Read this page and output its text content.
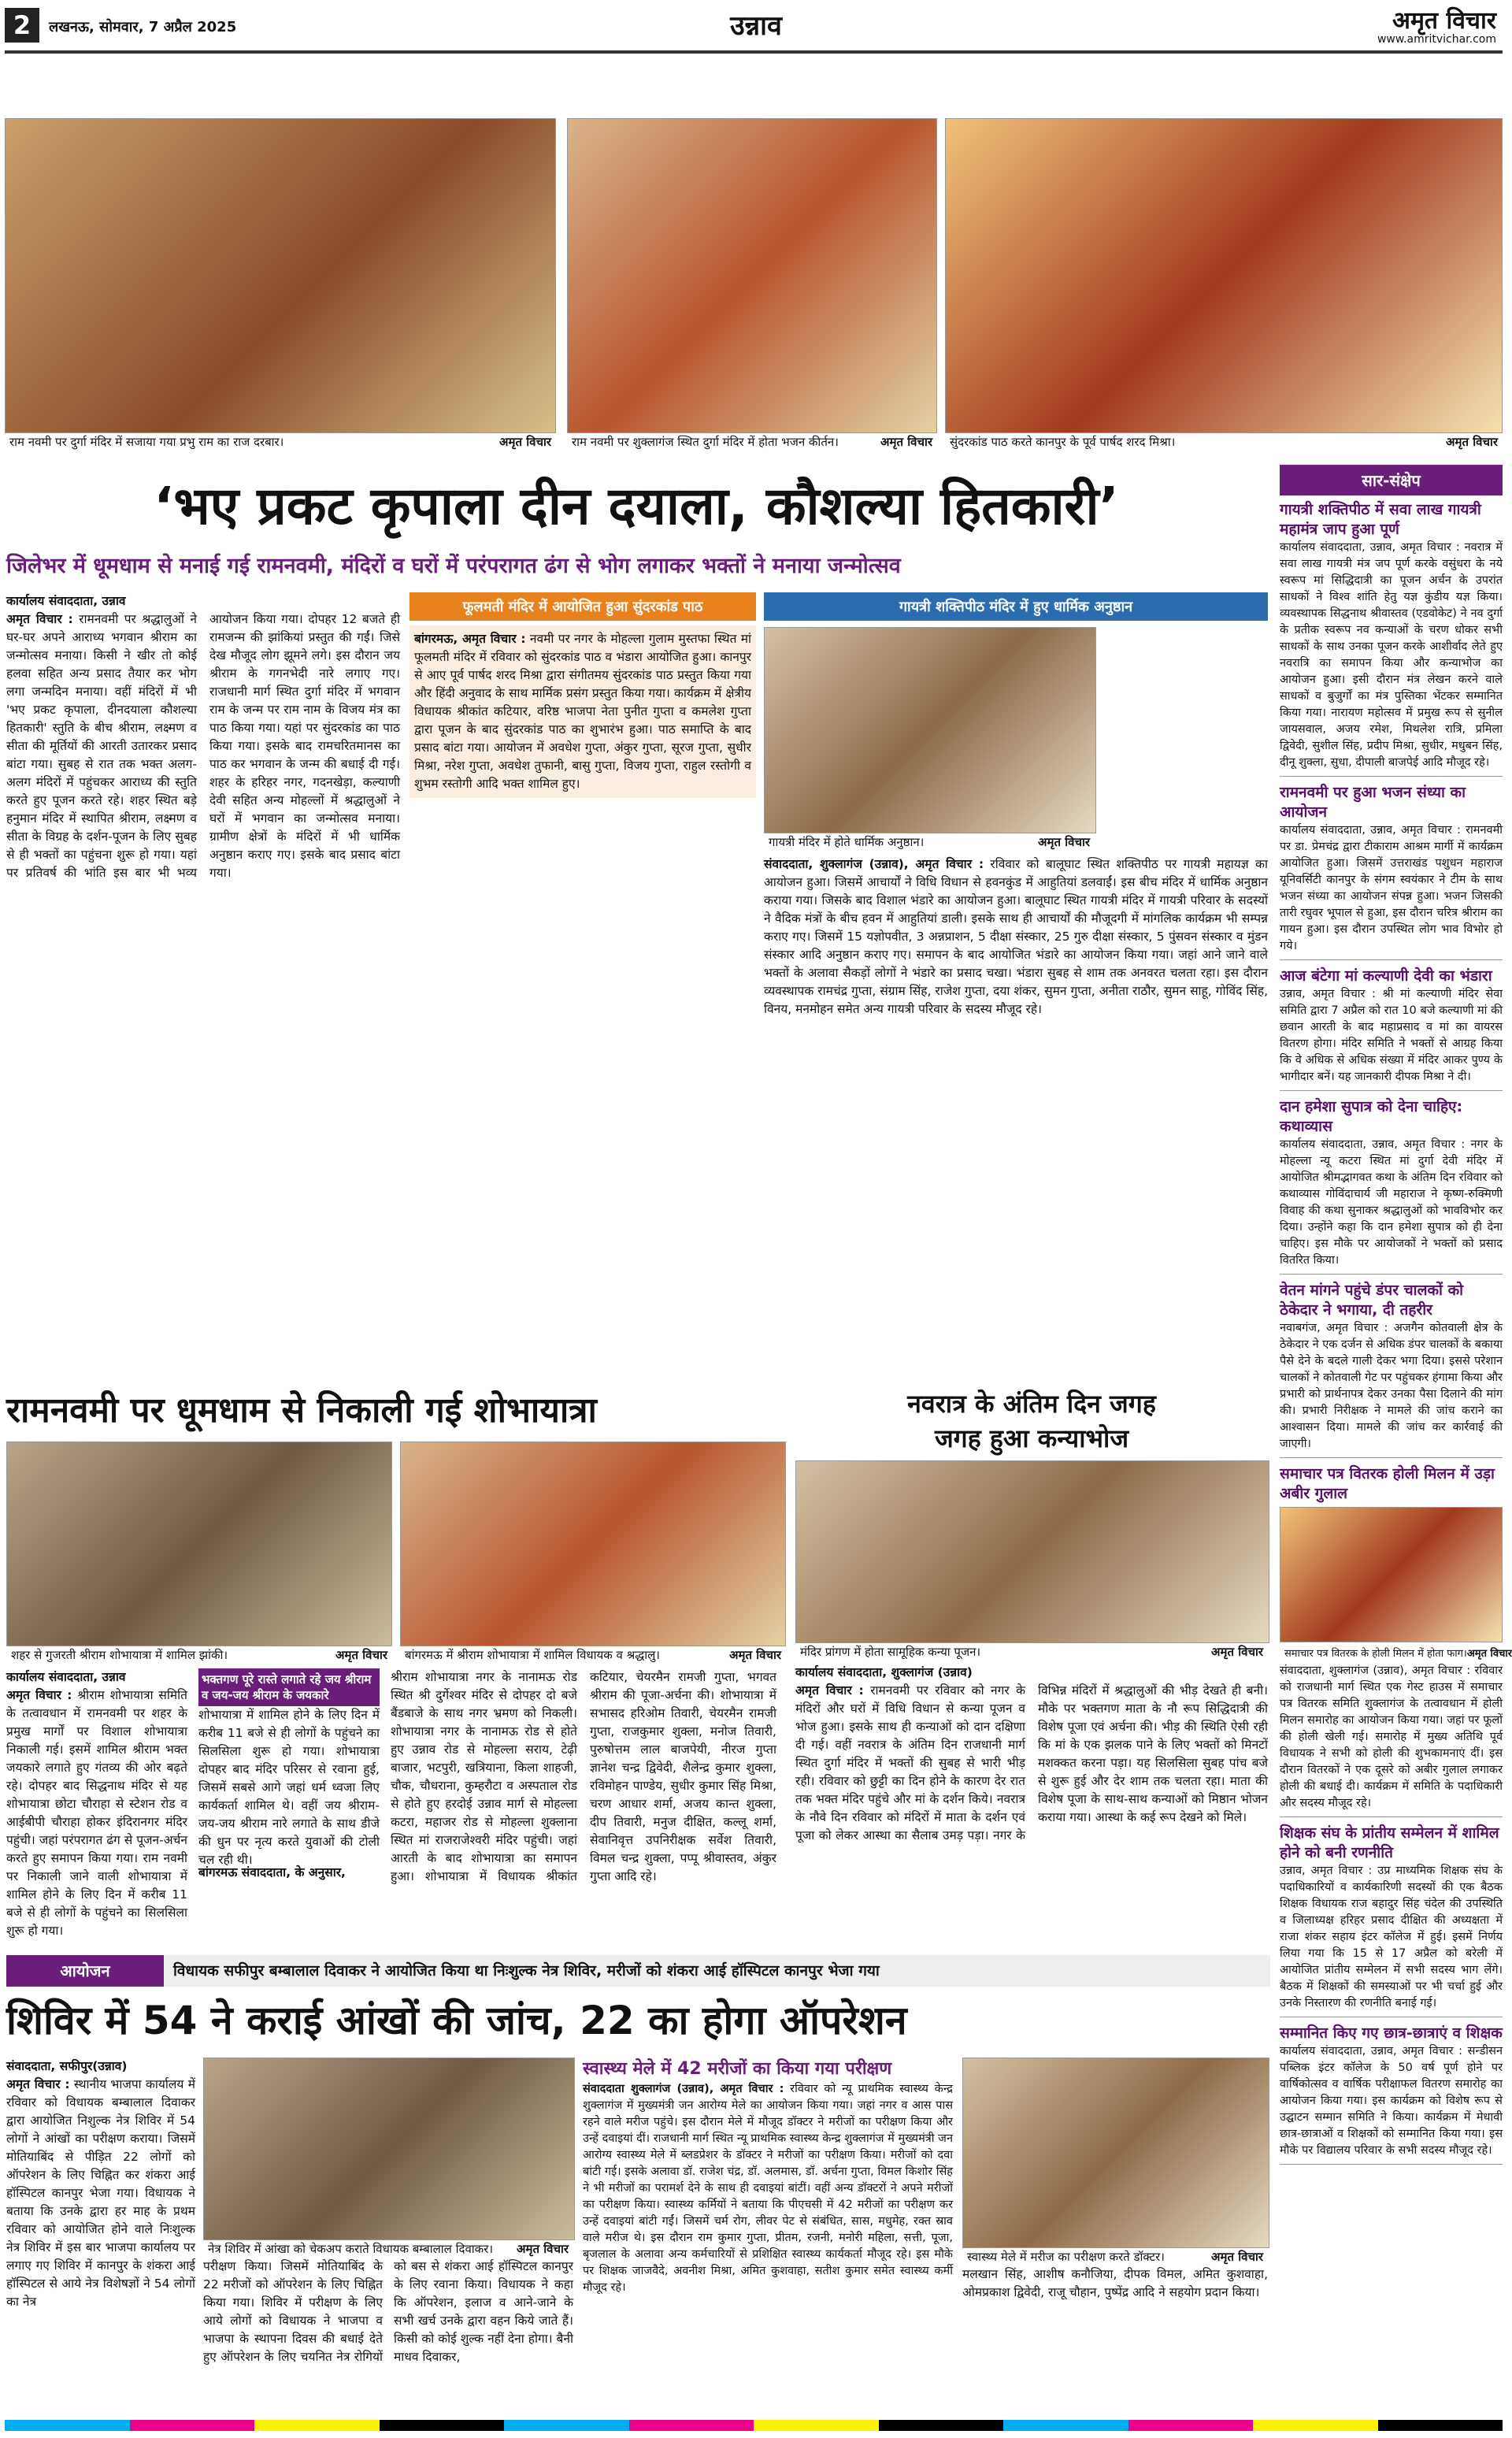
2	लखनऊ, सोमवार, 7 अप्रैल 2025	उन्नाव	अमृत विचार
www.amritvichar.com
राम नवमी पर दुर्गा मंदिर में सजाया गया प्रभु राम का राज दरबार।	अमृत विचार राम नवमी पर शुक्लागंज स्थित दुर्गा मंदिर में होता भजन कीर्तन।	अमृत विचार सुंदरकांड पाठ करते कानपुर के पूर्व पार्षद शरद मिश्रा।	अमृत विचार
‘भए प्रकट कृपाला दीन दयाला, कौशल्या हितकारी’
जिलेभर में धूमधाम से मनाई गई रामनवमी, मंदिरों व घरों में परंपरागत ढंग से भोग लगाकर भक्तों ने मनाया जन्मोत्सव
कार्यालय संवाददाता, उन्नाव
अमृत विचार : रामनवमी पर श्रद्धालुओं ने घर-घर अपने आराध्य भगवान श्रीराम का जन्मोत्सव मनाया। किसी ने खीर तो कोई हलवा सहित अन्य प्रसाद तैयार कर भोग लगा जन्मदिन मनाया। वहीं मंदिरों में भी 'भए प्रकट कृपाला, दीनदयाला कौशल्या हितकारी' स्तुति के बीच श्रीराम, लक्ष्मण व सीता की मूर्तियों की आरती उतारकर प्रसाद बांटा गया। सुबह से रात तक भक्त अलग-अलग मंदिरों में पहुंचकर आराध्य की स्तुति करते हुए पूजन करते रहे। शहर स्थित बड़े हनुमान मंदिर में स्थापित श्रीराम, लक्ष्मण व सीता के विग्रह के दर्शन-पूजन के लिए सुबह से ही भक्तों का पहुंचना शुरू हो गया। यहां पर प्रतिवर्ष की भांति इस बार भी भव्य आयोजन किया गया। दोपहर 12 बजते ही रामजन्म की झांकियां प्रस्तुत की गईं। जिसे देख मौजूद लोग झूमने लगे। इस दौरान जय श्रीराम के गगनभेदी नारे लगाए गए। राजधानी मार्ग स्थित दुर्गा मंदिर में भगवान राम के जन्म पर राम नाम के विजय मंत्र का पाठ किया गया। यहां पर सुंदरकांड का पाठ किया गया। इसके बाद रामचरितमानस का पाठ कर भगवान के जन्म की बधाई दी गई। शहर के हरिहर नगर, गदनखेड़ा, कल्याणी देवी सहित अन्य मोहल्लों में श्रद्धालुओं ने घरों में भगवान का जन्मोत्सव मनाया। ग्रामीण क्षेत्रों के मंदिरों में भी धार्मिक अनुष्ठान कराए गए। इसके बाद प्रसाद बांटा गया।
फूलमती मंदिर में आयोजित हुआ सुंदरकांड पाठ
बांगरमऊ, अमृत विचार : नवमी पर नगर के मोहल्ला गुलाम मुस्तफा स्थित मां फूलमती मंदिर में रविवार को सुंदरकांड पाठ व भंडारा आयोजित हुआ। कानपुर से आए पूर्व पार्षद शरद मिश्रा द्वारा संगीतमय सुंदरकांड पाठ प्रस्तुत किया गया और हिंदी अनुवाद के साथ मार्मिक प्रसंग प्रस्तुत किया गया। कार्यक्रम में क्षेत्रीय विधायक श्रीकांत कटियार, वरिष्ठ भाजपा नेता पुनीत गुप्ता व कमलेश गुप्ता द्वारा पूजन के बाद सुंदरकांड पाठ का शुभारंभ हुआ। पाठ समाप्ति के बाद प्रसाद बांटा गया। आयोजन में अवधेश गुप्ता, अंकुर गुप्ता, सूरज गुप्ता, सुधीर मिश्रा, नरेश गुप्ता, अवधेश तुफानी, बासु गुप्ता, विजय गुप्ता, राहुल रस्तोगी व शुभम रस्तोगी आदि भक्त शामिल हुए।
गायत्री शक्तिपीठ मंदिर में हुए धार्मिक अनुष्ठान
गायत्री मंदिर में होते धार्मिक अनुष्ठान।	अमृत विचार
संवाददाता, शुक्लागंज (उन्नाव), अमृत विचार : रविवार को बालूघाट स्थित शक्तिपीठ पर गायत्री महायज्ञ का आयोजन हुआ। जिसमें आचार्यों ने विधि विधान से हवनकुंड में आहुतियां डलवाईं। इस बीच मंदिर में धार्मिक अनुष्ठान कराया गया। जिसके बाद विशाल भंडारे का आयोजन हुआ। बालूघाट स्थित गायत्री मंदिर में गायत्री परिवार के सदस्यों ने वैदिक मंत्रों के बीच हवन में आहुतियां डाली। इसके साथ ही आचार्यों की मौजूदगी में मांगलिक कार्यक्रम भी सम्पन्न कराए गए। जिसमें 15 यज्ञोपवीत, 3 अन्नप्राशन, 5 दीक्षा संस्कार, 25 गुरु दीक्षा संस्कार, 5 पुंसवन संस्कार व मुंडन संस्कार आदि अनुष्ठान कराए गए। समापन के बाद आयोजित भंडारे का आयोजन किया गया। जहां आने जाने वाले भक्तों के अलावा सैकड़ों लोगों ने भंडारे का प्रसाद चखा। भंडारा सुबह से शाम तक अनवरत चलता रहा। इस दौरान व्यवस्थापक रामचंद्र गुप्ता, संग्राम सिंह, राजेश गुप्ता, दया शंकर, सुमन गुप्ता, अनीता राठौर, सुमन साहू, गोविंद सिंह, विनय, मनमोहन समेत अन्य गायत्री परिवार के सदस्य मौजूद रहे।
सार-संक्षेप
गायत्री शक्तिपीठ में सवा लाख गायत्री महामंत्र जाप हुआ पूर्ण
कार्यालय संवाददाता, उन्नाव, अमृत विचार : नवरात्र में सवा लाख गायत्री मंत्र जप पूर्ण करके वसुंधरा के नये स्वरूप मां सिद्धिदात्री का पूजन अर्चन के उपरांत साधकों ने विश्व शांति हेतु यज्ञ कुंडीय यज्ञ किया। व्यवस्थापक सिद्धनाथ श्रीवास्तव (एडवोकेट) ने नव दुर्गा के प्रतीक स्वरूप नव कन्याओं के चरण धोकर सभी साधकों के साथ उनका पूजन करके आशीर्वाद लेते हुए नवरात्रि का समापन किया और कन्याभोज का आयोजन हुआ। इसी दौरान मंत्र लेखन करने वाले साधकों व बुजुर्गों का मंत्र पुस्तिका भेंटकर सम्मानित किया गया। नारायण महोत्सव में प्रमुख रूप से सुनील जायसवाल, अजय रमेश, मिथलेश रात्रि, प्रमिला द्विवेदी, सुशील सिंह, प्रदीप मिश्रा, सुधीर, मधुबन सिंह, दीनू शुक्ला, सुधा, दीपाली बाजपेई आदि मौजूद रहे।
रामनवमी पर हुआ भजन संध्या का आयोजन
कार्यालय संवाददाता, उन्नाव, अमृत विचार : रामनवमी पर डा. प्रेमचंद्र द्वारा टीकाराम आश्रम मार्गी में कार्यक्रम आयोजित हुआ। जिसमें उत्तराखंड पशुधन महाराज यूनिवर्सिटी कानपुर के संगम स्वयंकार ने टीम के साथ भजन संध्या का आयोजन संपन्न हुआ। भजन जिसकी तारी रघुवर भूपाल से हुआ, इस दौरान चरित्र श्रीराम का गायन हुआ। इस दौरान उपस्थित लोग भाव विभोर हो गये।
आज बंटेगा मां कल्याणी देवी का भंडारा
उन्नाव, अमृत विचार : श्री मां कल्याणी मंदिर सेवा समिति द्वारा 7 अप्रैल को रात 10 बजे कल्याणी मां की छवान आरती के बाद महाप्रसाद व मां का वायरस वितरण होगा। मंदिर समिति ने भक्तों से आग्रह किया कि वे अधिक से अधिक संख्या में मंदिर आकर पुण्य के भागीदार बनें। यह जानकारी दीपक मिश्रा ने दी।
दान हमेशा सुपात्र को देना चाहिए: कथाव्यास
कार्यालय संवाददाता, उन्नाव, अमृत विचार : नगर के मोहल्ला न्यू कटरा स्थित मां दुर्गा देवी मंदिर में आयोजित श्रीमद्भागवत कथा के अंतिम दिन रविवार को कथाव्यास गोविंदाचार्य जी महाराज ने कृष्ण-रुक्मिणी विवाह की कथा सुनाकर श्रद्धालुओं को भावविभोर कर दिया। उन्होंने कहा कि दान हमेशा सुपात्र को ही देना चाहिए। इस मौके पर आयोजकों ने भक्तों को प्रसाद वितरित किया।
वेतन मांगने पहुंचे डंपर चालकों को ठेकेदार ने भगाया, दी तहरीर
नवाबगंज, अमृत विचार : अजगैन कोतवाली क्षेत्र के ठेकेदार ने एक दर्जन से अधिक डंपर चालकों के बकाया पैसे देने के बदले गाली देकर भगा दिया। इससे परेशान चालकों ने कोतवाली गेट पर पहुंचकर हंगामा किया और प्रभारी को प्रार्थनापत्र देकर उनका पैसा दिलाने की मांग की। प्रभारी निरीक्षक ने मामले की जांच कराने का आश्वासन दिया। मामले की जांच कर कार्रवाई की जाएगी।
समाचार पत्र वितरक होली मिलन में उड़ा अबीर गुलाल
समाचार पत्र वितरक के होली मिलन में होता फाग। अमृत विचार
संवाददाता, शुक्लागंज (उन्नाव), अमृत विचार : रविवार को राजधानी मार्ग स्थित एक गेस्ट हाउस में समाचार पत्र वितरक समिति शुक्लागंज के तत्वावधान में होली मिलन समारोह का आयोजन किया गया। जहां पर फूलों की होली खेली गई। समारोह में मुख्य अतिथि पूर्व विधायक ने सभी को होली की शुभकामनाएं दीं। इस दौरान वितरकों ने एक दूसरे को अबीर गुलाल लगाकर होली की बधाई दी। कार्यक्रम में समिति के पदाधिकारी और सदस्य मौजूद रहे।
शिक्षक संघ के प्रांतीय सम्मेलन में शामिल होने को बनी रणनीति
उन्नाव, अमृत विचार : उप्र माध्यमिक शिक्षक संघ के पदाधिकारियों व कार्यकारिणी सदस्यों की एक बैठक शिक्षक विधायक राज बहादुर सिंह चंदेल की उपस्थिति व जिलाध्यक्ष हरिहर प्रसाद दीक्षित की अध्यक्षता में राजा शंकर सहाय इंटर कॉलेज में हुई। इसमें निर्णय लिया गया कि 15 से 17 अप्रैल को बरेली में आयोजित प्रांतीय सम्मेलन में सभी सदस्य भाग लेंगे। बैठक में शिक्षकों की समस्याओं पर भी चर्चा हुई और उनके निस्तारण की रणनीति बनाई गई।
सम्मानित किए गए छात्र-छात्राएं व शिक्षक
कार्यालय संवाददाता, उन्नाव, अमृत विचार : सन्डीसन पब्लिक इंटर कॉलेज के 50 वर्ष पूर्ण होने पर वार्षिकोत्सव व वार्षिक परीक्षाफल वितरण समारोह का आयोजन किया गया। इस कार्यक्रम को विशेष रूप से उद्घाटन सम्मान समिति ने किया। कार्यक्रम में मेधावी छात्र-छात्राओं व शिक्षकों को सम्मानित किया गया। इस मौके पर विद्यालय परिवार के सभी सदस्य मौजूद रहे।
रामनवमी पर धूमधाम से निकाली गई शोभायात्रा
शहर से गुजरती श्रीराम शोभायात्रा में शामिल झांकी।	अमृत विचार बांगरमऊ में श्रीराम शोभायात्रा में शामिल विधायक व श्रद्धालु।	अमृत विचार
कार्यालय संवाददाता, उन्नाव
अमृत विचार : श्रीराम शोभायात्रा समिति के तत्वावधान में रामनवमी पर शहर के प्रमुख मार्गों पर विशाल शोभायात्रा निकाली गई। इसमें शामिल श्रीराम भक्त जयकारे लगाते हुए गंतव्य की ओर बढ़ते रहे। दोपहर बाद सिद्धनाथ मंदिर से यह शोभायात्रा छोटा चौराहा से स्टेशन रोड व आईबीपी चौराहा होकर इंदिरानगर मंदिर पहुंची। जहां परंपरागत ढंग से पूजन-अर्चन करते हुए समापन किया गया। राम नवमी पर निकाली जाने वाली शोभायात्रा में शामिल होने के लिए दिन में करीब 11 बजे से ही लोगों के पहुंचने का सिलसिला शुरू हो गया।
भक्तगण पूरे रास्ते लगाते रहे जय श्रीराम व जय-जय श्रीराम के जयकारे
शोभायात्रा में शामिल होने के लिए दिन में करीब 11 बजे से ही लोगों के पहुंचने का सिलसिला शुरू हो गया। शोभायात्रा दोपहर बाद मंदिर परिसर से रवाना हुई, जिसमें सबसे आगे जहां धर्म ध्वजा लिए कार्यकर्ता शामिल थे। वहीं जय श्रीराम-जय-जय श्रीराम नारे लगाते के साथ डीजे की धुन पर नृत्य करते युवाओं की टोली चल रही थी।
बांगरमऊ संवाददाता, के अनुसार,
श्रीराम शोभायात्रा नगर के नानामऊ रोड स्थित श्री दुर्गेश्वर मंदिर से दोपहर दो बजे बैंडबाजे के साथ नगर भ्रमण को निकली। शोभायात्रा नगर के नानामऊ रोड से होते हुए उन्नाव रोड से मोहल्ला सराय, टेढ़ी बाजार, भटपुरी, खत्रियाना, किला शाहजी, चौक, चौधराना, कुम्हरौटा व अस्पताल रोड से होते हुए हरदोई उन्नाव मार्ग से मोहल्ला कटरा, महाजर रोड से मोहल्ला शुक्लाना स्थित मां राजराजेश्वरी मंदिर पहुंची। जहां आरती के बाद शोभायात्रा का समापन हुआ। शोभायात्रा में विधायक श्रीकांत कटियार, चेयरमैन रामजी गुप्ता, भगवत श्रीराम की पूजा-अर्चना की। शोभायात्रा में सभासद हरिओम तिवारी, चेयरमैन रामजी गुप्ता, राजकुमार शुक्ला, मनोज तिवारी, पुरुषोत्तम लाल बाजपेयी, नीरज गुप्ता ज्ञानेश चन्द्र द्विवेदी, शैलेन्द्र कुमार शुक्ला, रविमोहन पाण्डेय, सुधीर कुमार सिंह मिश्रा, चरण आधार शर्मा, अजय कान्त शुक्ला, दीप तिवारी, मनुज दीक्षित, कल्लू शर्मा, सेवानिवृत्त उपनिरीक्षक सर्वेश तिवारी, विमल चन्द्र शुक्ला, पप्पू श्रीवास्तव, अंकुर गुप्ता आदि रहे।
नवरात्र के अंतिम दिन जगह
जगह हुआ कन्याभोज
मंदिर प्रांगण में होता सामूहिक कन्या पूजन।	अमृत विचार
कार्यालय संवाददाता, शुक्लागंज (उन्नाव)
अमृत विचार : रामनवमी पर रविवार को नगर के मंदिरों और घरों में विधि विधान से कन्या पूजन व भोज हुआ। इसके साथ ही कन्याओं को दान दक्षिणा दी गई। वहीं नवरात्र के अंतिम दिन राजधानी मार्ग स्थित दुर्गा मंदिर में भक्तों की सुबह से भारी भीड़ रही। रविवार को छुट्टी का दिन होने के कारण देर रात तक भक्त मंदिर पहुंचे और मां के दर्शन किये। नवरात्र के नौवे दिन रविवार को मंदिरों में माता के दर्शन एवं पूजा को लेकर आस्था का सैलाब उमड़ पड़ा। नगर के विभिन्न मंदिरों में श्रद्धालुओं की भीड़ देखते ही बनी। मौके पर भक्तगण माता के नौ रूप सिद्धिदात्री की विशेष पूजा एवं अर्चना की। भीड़ की स्थिति ऐसी रही कि मां के एक झलक पाने के लिए भक्तों को मिनटों मशक्कत करना पड़ा। यह सिलसिला सुबह पांच बजे से शुरू हुई और देर शाम तक चलता रहा। माता की विशेष पूजा के साथ-साथ कन्याओं को मिष्ठान भोजन कराया गया। आस्था के कई रूप देखने को मिले।
आयोजन	विधायक सफीपुर बम्बालाल दिवाकर ने आयोजित किया था निःशुल्क नेत्र शिविर, मरीजों को शंकरा आई हॉस्पिटल कानपुर भेजा गया
शिविर में 54 ने कराई आंखों की जांच, 22 का होगा ऑपरेशन
संवाददाता, सफीपुर(उन्नाव)
अमृत विचार : स्थानीय भाजपा कार्यालय में रविवार को विधायक बम्बालाल दिवाकर द्वारा आयोजित निशुल्क नेत्र शिविर में 54 लोगों ने आंखों का परीक्षण कराया। जिसमें मोतियाबिंद से पीड़ित 22 लोगों को ऑपरेशन के लिए चिह्नित कर शंकरा आई हॉस्पिटल कानपुर भेजा गया। विधायक ने बताया कि उनके द्वारा हर माह के प्रथम रविवार को आयोजित होने वाले निःशुल्क नेत्र शिविर में इस बार भाजपा कार्यालय पर लगाए गए शिविर में कानपुर के शंकरा आई हॉस्पिटल से आये नेत्र विशेषज्ञों ने 54 लोगों का नेत्र
नेत्र शिविर में आंखा को चेकअप कराते विधायक बम्बालाल दिवाकर। अमृत विचार
परीक्षण किया। जिसमें मोतियाबिंद के 22 मरीजों को ऑपरेशन के लिए चिह्नित किया गया। शिविर में परीक्षण के लिए आये लोगों को विधायक ने भाजपा व भाजपा के स्थापना दिवस की बधाई देते हुए ऑपरेशन के लिए चयनित नेत्र रोगियों को बस से शंकरा आई हॉस्पिटल कानपुर के लिए रवाना किया। विधायक ने कहा कि ऑपरेशन, इलाज व आने-जाने के सभी खर्च उनके द्वारा वहन किये जाते हैं। किसी को कोई शुल्क नहीं देना होगा। बैनी माधव दिवाकर,
स्वास्थ्य मेले में 42 मरीजों का किया गया परीक्षण
संवाददाता शुक्लागंज (उन्नाव), अमृत विचार : रविवार को न्यू प्राथमिक स्वास्थ्य केन्द्र शुक्लागंज में मुख्यमंत्री जन आरोग्य मेले का आयोजन किया गया। जहां नगर व आस पास रहने वाले मरीज पहुंचे। इस दौरान मेले में मौजूद डॉक्टर ने मरीजों का परीक्षण किया और उन्हें दवाइयां दीं। राजधानी मार्ग स्थित न्यू प्राथमिक स्वास्थ्य केन्द्र शुक्लागंज में मुख्यमंत्री जन आरोग्य स्वास्थ्य मेले में ब्लडप्रेशर के डॉक्टर ने मरीजों का परीक्षण किया। मरीजों को दवा बांटी गई। इसके अलावा डॉ. राजेश चंद्र, डॉ. अलमास, डॉ. अर्चना गुप्ता, विमल किशोर सिंह ने भी मरीजों का परामर्श देने के साथ ही दवाइयां बांटीं। वहीं अन्य डॉक्टरों ने अपने मरीजों का परीक्षण किया। स्वास्थ्य कर्मियों ने बताया कि पीएचसी में 42 मरीजों का परीक्षण कर उन्हें दवाइयां बांटी गईं। जिसमें चर्म रोग, लीवर पेट से संबंधित, सास, मधुमेह, रक्त स्राव वाले मरीज थे। इस दौरान राम कुमार गुप्ता, प्रीतम, रजनी, मनोरी महिला, सत्ती, पूजा, बृजलाल के अलावा अन्य कर्मचारियों से प्रशिक्षित स्वास्थ्य कार्यकर्ता मौजूद रहे। इस मौके पर शिक्षक जाजवैदे, अवनीश मिश्रा, अमित कुशवाहा, सतीश कुमार समेत स्वास्थ्य कर्मी मौजूद रहे।
स्वास्थ्य मेले में मरीज का परीक्षण करते डॉक्टर।	अमृत विचार
मलखान सिंह, आशीष कनौजिया, दीपक विमल, अमित कुशवाहा, ओमप्रकाश द्विवेदी, राजू चौहान, पुष्पेंद्र आदि ने सहयोग प्रदान किया।
